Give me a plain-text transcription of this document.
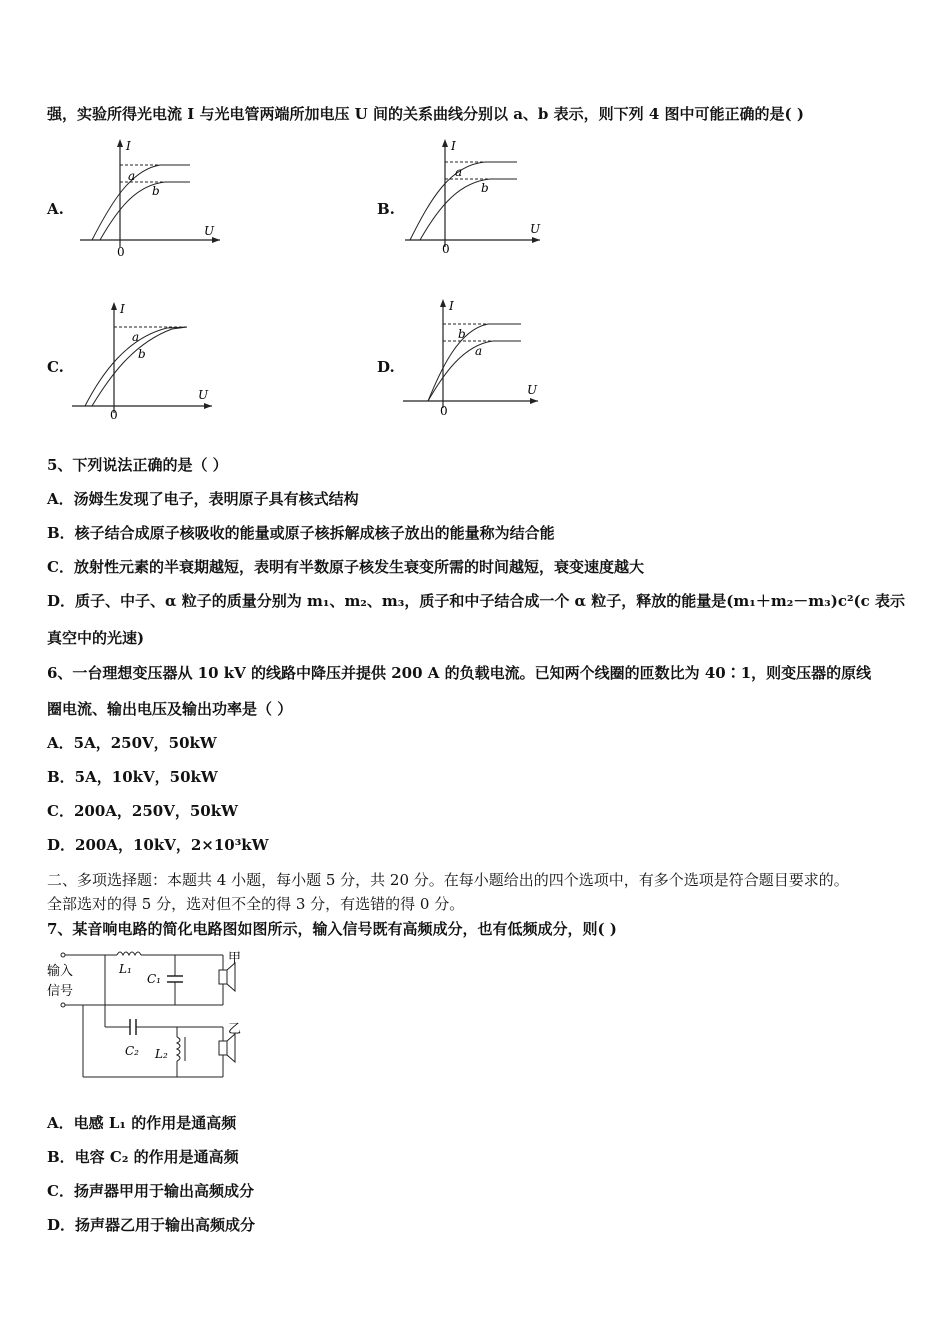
强，实验所得光电流 I 与光电管两端所加电压 U 间的关系曲线分别以 a、b 表示，则下列 4 图中可能正确的是( )
A.
I
U
0
a
b
B.
I
U
0
a
b
C.
I
U
0
a
b
D.
I
U
0
b
a
5、下列说法正确的是（ ）
A．汤姆生发现了电子，表明原子具有核式结构
B．核子结合成原子核吸收的能量或原子核拆解成核子放出的能量称为结合能
C．放射性元素的半衰期越短，表明有半数原子核发生衰变所需的时间越短，衰变速度越大
D．质子、中子、α 粒子的质量分别为 m₁、m₂、m₃，质子和中子结合成一个 α 粒子，释放的能量是(m₁＋m₂－m₃)c²(c 表示
真空中的光速)
6、一台理想变压器从 10 kV 的线路中降压并提供 200 A 的负载电流。已知两个线圈的匝数比为 40∶1，则变压器的原线
圈电流、输出电压及输出功率是（ ）
A．5A，250V，50kW
B．5A，10kV，50kW
C．200A，250V，50kW
D．200A，10kV，2×10³kW
二、多项选择题：本题共 4 小题，每小题 5 分，共 20 分。在每小题给出的四个选项中，有多个选项是符合题目要求的。
全部选对的得 5 分，选对但不全的得 3 分，有选错的得 0 分。
7、某音响电路的简化电路图如图所示，输入信号既有高频成分，也有低频成分，则( )
输入
信号
L₁
C₁
甲
C₂ L₂
乙
A．电感 L₁ 的作用是通高频
B．电容 C₂ 的作用是通高频
C．扬声器甲用于输出高频成分
D．扬声器乙用于输出高频成分
